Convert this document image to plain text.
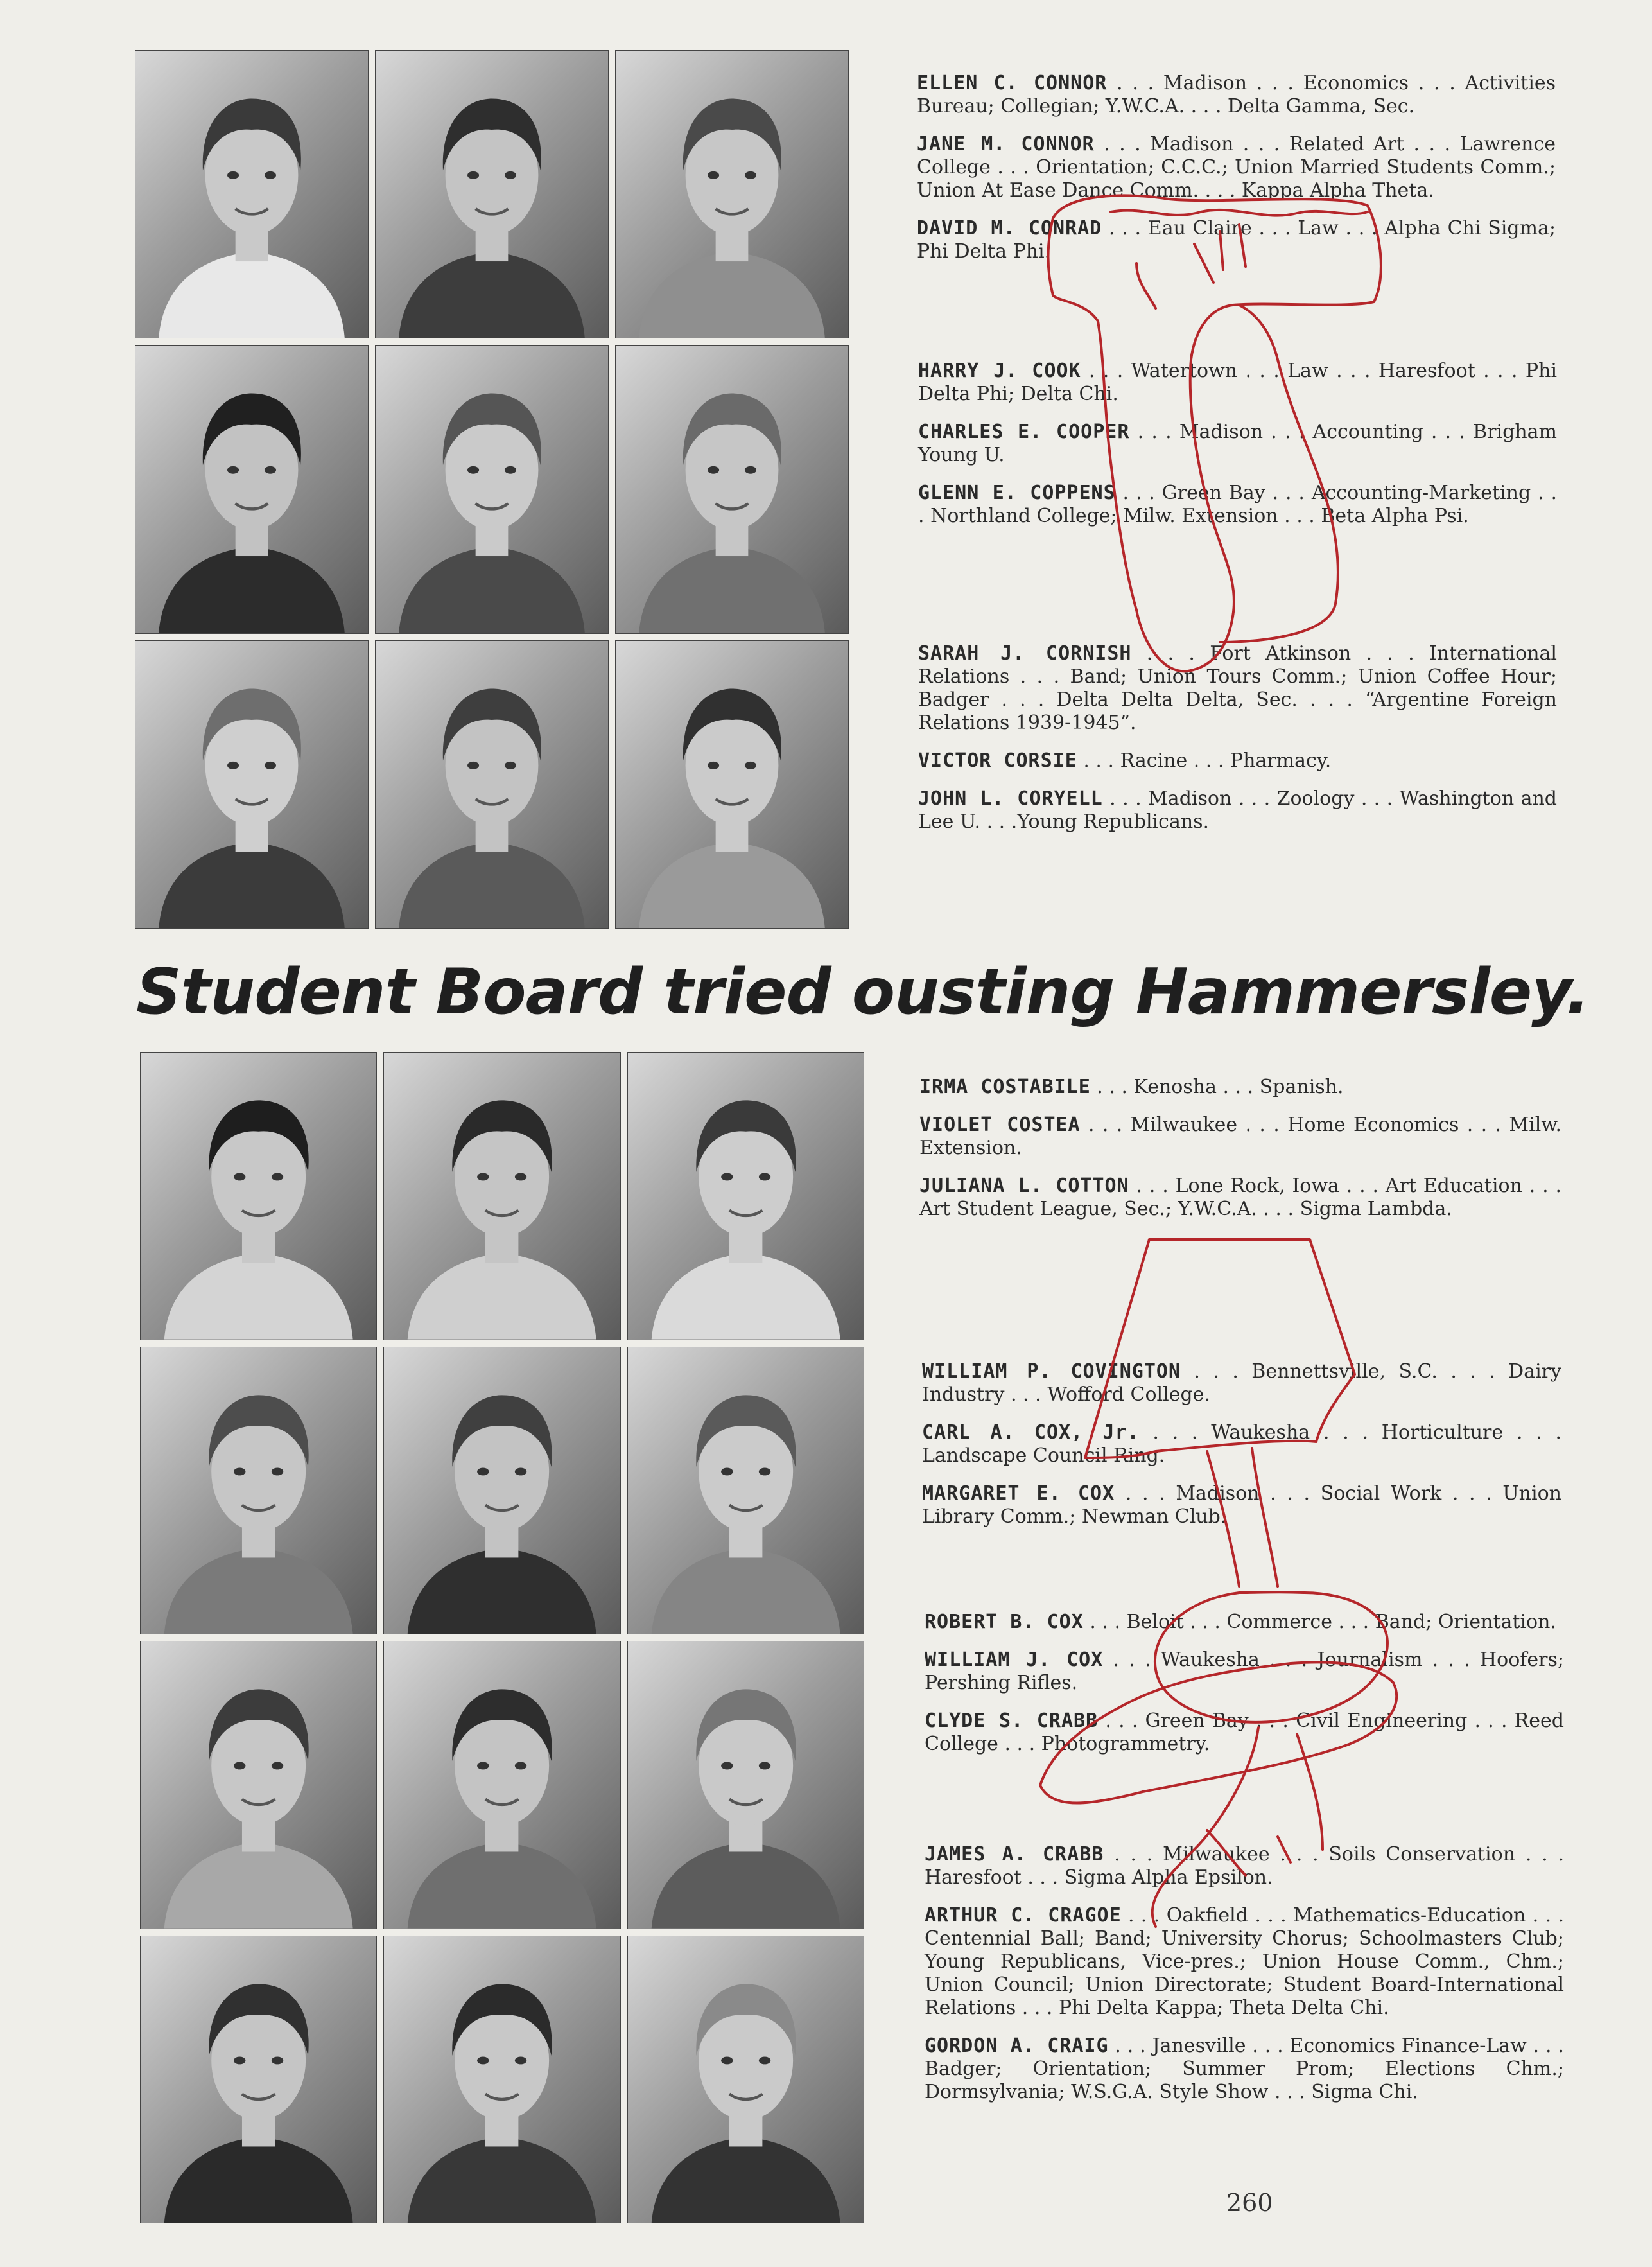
ELLEN C. CONNOR . . . Madison . . . Economics . . . Activities Bureau; Collegian; Y.W.C.A. . . . Delta Gamma, Sec.

JANE M. CONNOR . . . Madison . . . Related Art . . . Lawrence College . . . Orientation; C.C.C.; Union Married Students Comm.; Union At Ease Dance Comm. . . . Kappa Alpha Theta.

DAVID M. CONRAD . . . Eau Claire . . . Law . . . Alpha Chi Sigma; Phi Delta Phi.

HARRY J. COOK . . . Watertown . . . Law . . . Haresfoot . . . Phi Delta Phi; Delta Chi.

CHARLES E. COOPER . . . Madison . . . Accounting . . . Brigham Young U.

GLENN E. COPPENS . . . Green Bay . . . Accounting-Marketing . . . Northland College; Milw. Extension . . . Beta Alpha Psi.

SARAH J. CORNISH . . . Fort Atkinson . . . International Relations . . . Band; Union Tours Comm.; Union Coffee Hour; Badger . . . Delta Delta Delta, Sec. . . . “Argentine Foreign Relations 1939-1945”.

VICTOR CORSIE . . . Racine . . . Pharmacy.

JOHN L. CORYELL . . . Madison . . . Zoology . . . Washington and Lee U. . . .Young Republicans.

Student Board tried ousting Hammersley.

IRMA COSTABILE . . . Kenosha . . . Spanish.

VIOLET COSTEA . . . Milwaukee . . . Home Economics . . . Milw. Extension.

JULIANA L. COTTON . . . Lone Rock, Iowa . . . Art Education . . . Art Student League, Sec.; Y.W.C.A. . . . Sigma Lambda.

WILLIAM P. COVINGTON . . . Bennettsville, S.C. . . . Dairy Industry . . . Wofford College.

CARL A. COX, Jr. . . . Waukesha . . . Horticulture . . . Landscape Council Ring.

MARGARET E. COX . . . Madison . . . Social Work . . . Union Library Comm.; Newman Club.

ROBERT B. COX . . . Beloit . . . Commerce . . . Band; Orientation.

WILLIAM J. COX . . . Waukesha . . . Journalism . . . Hoofers; Pershing Rifles.

CLYDE S. CRABB . . . Green Bay . . . Civil Engineering . . . Reed College . . . Photogrammetry.

JAMES A. CRABB . . . Milwaukee . . . Soils Conservation . . . Haresfoot . . . Sigma Alpha Epsilon.

ARTHUR C. CRAGOE . . . Oakfield . . . Mathematics-Education . . . Centennial Ball; Band; University Chorus; Schoolmasters Club; Young Republicans, Vice-pres.; Union House Comm., Chm.; Union Council; Union Directorate; Student Board-International Relations . . . Phi Delta Kappa; Theta Delta Chi.

GORDON A. CRAIG . . . Janesville . . . Economics Finance-Law . . . Badger; Orientation; Summer Prom; Elections Chm.; Dormsylvania; W.S.G.A. Style Show . . . Sigma Chi.

260
